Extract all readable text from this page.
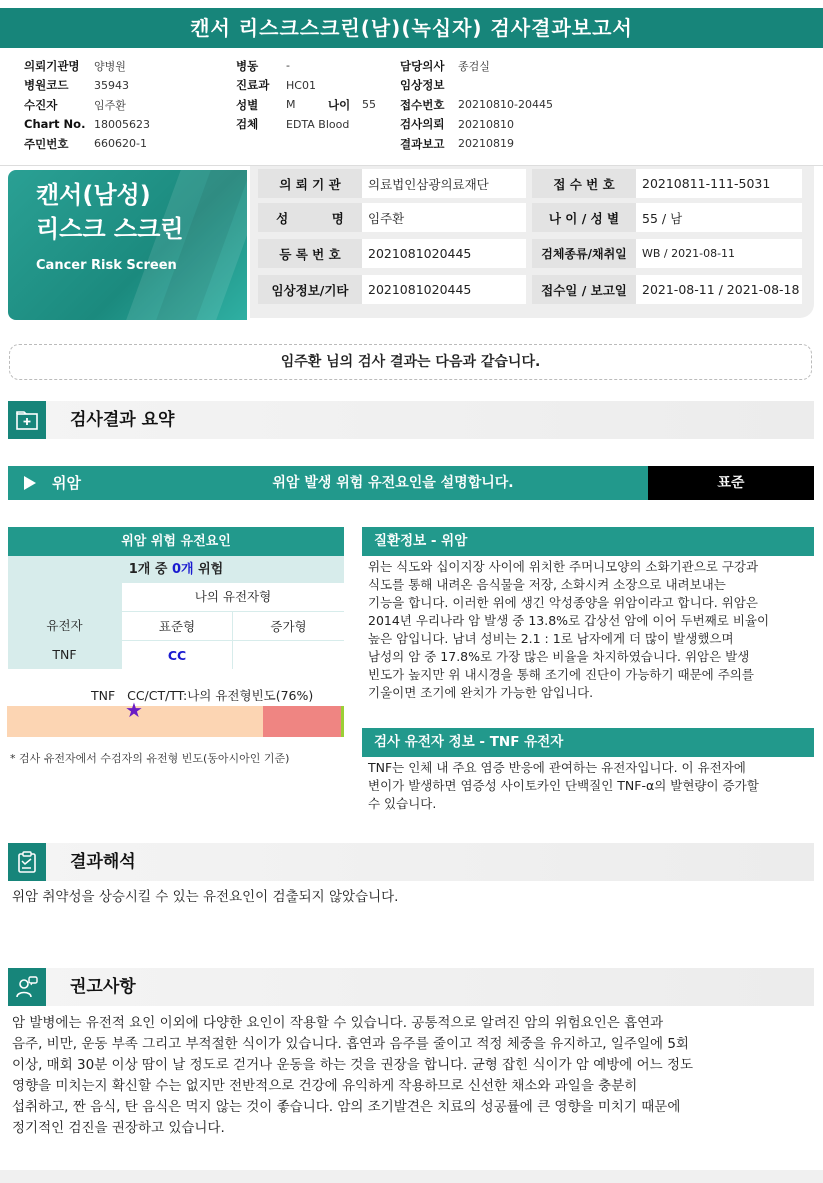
캔서 리스크스크린(남)(녹십자) 검사결과보고서
의뢰기관명	양병원
병원코드	35943
수진자	임주환
Chart No. 18005623
주민번호	660620-1
병동	-
진료과	HC01
성별	M	나이	55
검체	EDTA Blood
담당의사	종검실
임상정보
접수번호	20210810-20445
검사의뢰	20210810
결과보고	20210819
캔서(남성)
리스크 스크린
Cancer Risk Screen
의 뢰 기 관	의료법인삼광의료재단	접 수 번 호	20210811-111-5031
성          명	임주환	나 이 / 성 별	55 / 남
등 록 번 호	2021081020445	검체종류/채취일	WB / 2021-08-11
임상정보/기타	2021081020445	접수일 / 보고일	2021-08-11 / 2021-08-18
임주환 님의 검사 결과는 다음과 같습니다.
검사결과 요약
위암	위암 발생 위험 유전요인을 설명합니다.	표준
위암 위험 유전요인
1개 중 0개 위험
나의 유전자형
유전자	표준형	증가형
TNF	CC
TNF   CC/CT/TT:나의 유전형빈도(76%)
★
* 검사 유전자에서 수검자의 유전형 빈도(동아시아인 기준)
질환정보 - 위암
위는 식도와 십이지장 사이에 위치한 주머니모양의 소화기관으로 구강과
식도를 통해 내려온 음식물을 저장, 소화시켜 소장으로 내려보내는
기능을 합니다. 이러한 위에 생긴 악성종양을 위암이라고 합니다. 위암은
2014년 우리나라 암 발생 중 13.8%로 갑상선 암에 이어 두번째로 비율이
높은 암입니다. 남녀 성비는 2.1 : 1로 남자에게 더 많이 발생했으며
남성의 암 중 17.8%로 가장 많은 비율을 차지하였습니다. 위암은 발생
빈도가 높지만 위 내시경을 통해 조기에 진단이 가능하기 때문에 주의를
기울이면 조기에 완치가 가능한 암입니다.
검사 유전자 정보 - TNF 유전자
TNF는 인체 내 주요 염증 반응에 관여하는 유전자입니다. 이 유전자에
변이가 발생하면 염증성 사이토카인 단백질인 TNF-α의 발현량이 증가할
수 있습니다.
결과해석
위암 취약성을 상승시킬 수 있는 유전요인이 검출되지 않았습니다.
권고사항
암 발병에는 유전적 요인 이외에 다양한 요인이 작용할 수 있습니다. 공통적으로 알려진 암의 위험요인은 흡연과
음주, 비만, 운동 부족 그리고 부적절한 식이가 있습니다. 흡연과 음주를 줄이고 적정 체중을 유지하고, 일주일에 5회
이상, 매회 30분 이상 땀이 날 정도로 걷거나 운동을 하는 것을 권장을 합니다. 균형 잡힌 식이가 암 예방에 어느 정도
영향을 미치는지 확신할 수는 없지만 전반적으로 건강에 유익하게 작용하므로 신선한 채소와 과일을 충분히
섭취하고, 짠 음식, 탄 음식은 먹지 않는 것이 좋습니다. 암의 조기발견은 치료의 성공률에 큰 영향을 미치기 때문에
정기적인 검진을 권장하고 있습니다.
